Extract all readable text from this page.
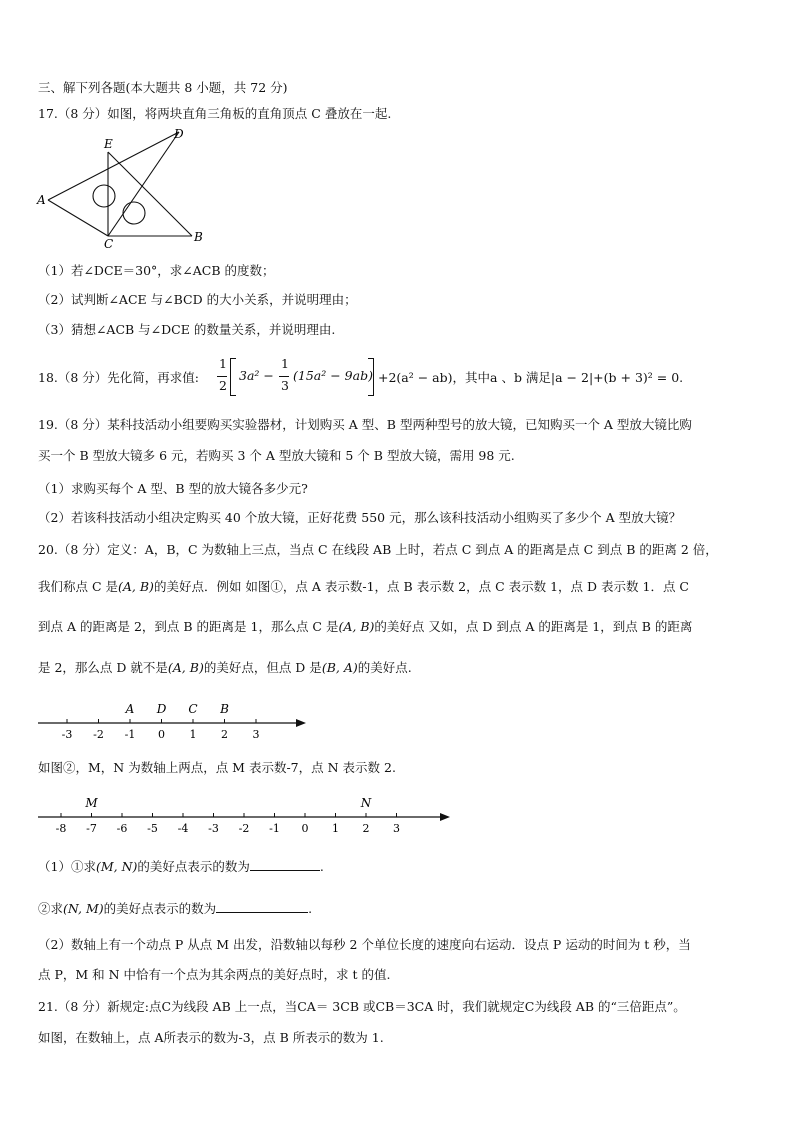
三、解下列各题(本大题共 8 小题，共 72 分)
17.（8 分）如图，将两块直角三角板的直角顶点 C 叠放在一起.
E
D
A
C	B
（1）若∠DCE＝30°，求∠ACB 的度数；
（2）试判断∠ACE 与∠BCD 的大小关系，并说明理由；
（3）猜想∠ACB 与∠DCE 的数量关系，并说明理由.
18.（8 分）先化简，再求值:
1
2
3a² −
1
3
(15a² − 9ab) +2(a² − ab)，其中a 、b 满足|a − 2|+(b + 3)² = 0.
19.（8 分）某科技活动小组要购买实验器材，计划购买 A 型、B 型两种型号的放大镜，已知购买一个 A 型放大镜比购
买一个 B 型放大镜多 6 元，若购买 3 个 A 型放大镜和 5 个 B 型放大镜，需用 98 元.
（1）求购买每个 A 型、B 型的放大镜各多少元?
（2）若该科技活动小组决定购买 40 个放大镜，正好花费 550 元，那么该科技活动小组购买了多少个 A 型放大镜？
20.（8 分）定义：A，B，C 为数轴上三点，当点 C 在线段 AB 上时，若点 C 到点 A 的距离是点 C 到点 B 的距离 2 倍，
我们称点 C 是(A, B)的美好点．例如 如图①，点 A 表示数-1，点 B 表示数 2，点 C 表示数 1，点 D 表示数 1．点 C
到点 A 的距离是 2，到点 B 的距离是 1，那么点 C 是(A, B)的美好点 又如，点 D 到点 A 的距离是 1，到点 B 的距离
是 2，那么点 D 就不是(A, B)的美好点，但点 D 是(B, A)的美好点.
-3 -2 -1 0 1 2 3
A D C B
如图②，M，N 为数轴上两点，点 M 表示数-7，点 N 表示数 2.
-8 -7 -6 -5 -4 -3 -2 -1 0 1 2 3
M	N
（1）①求(M, N)的美好点表示的数为	.
②求(N, M)的美好点表示的数为	.
（2）数轴上有一个动点 P 从点 M 出发，沿数轴以每秒 2 个单位长度的速度向右运动．设点 P 运动的时间为 t 秒，当
点 P，M 和 N 中恰有一个点为其余两点的美好点时，求 t 的值.
21.（8 分）新规定:点C为线段 AB 上一点，当CA＝ 3CB 或CB＝3CA 时，我们就规定C为线段 AB 的“三倍距点”。
如图，在数轴上，点 A所表示的数为-3，点 B 所表示的数为 1.
